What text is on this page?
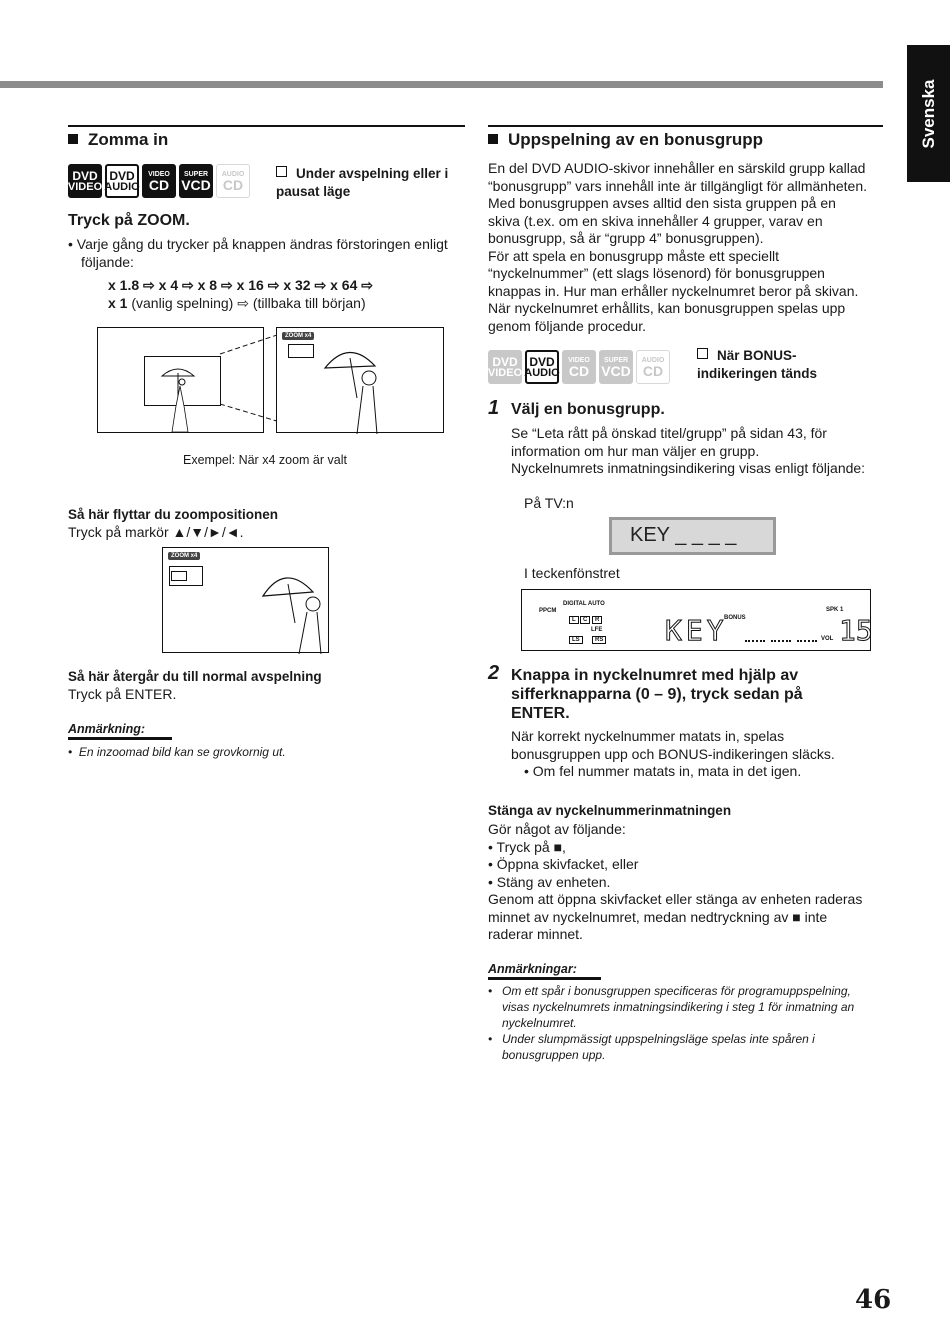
Svenska
Zomma in
DVD
VIDEO
DVD
AUDIO
VIDEO
CD
SUPER
VCD
AUDIO
CD
Under avspelning eller i pausat läge
Tryck på ZOOM.
• Varje gång du trycker på knappen ändras förstoringen enligt följande:
x 1.8 ⇨ x 4 ⇨ x 8 ⇨ x 16 ⇨ x 32 ⇨ x 64 ⇨
x 1 (vanlig spelning) ⇨ (tillbaka till början)
ZOOM x4
Exempel: När x4 zoom är valt
Så här flyttar du zoompositionen
Tryck på markör ▲/▼/►/◄.
ZOOM x4
Så här återgår du till normal avspelning
Tryck på ENTER.
Anmärkning:
•  En inzoomad bild kan se grovkornig ut.
Uppspelning av en bonusgrupp
En del DVD AUDIO-skivor innehåller en särskild grupp kallad
“bonusgrupp” vars innehåll inte är tillgängligt för allmänheten.
Med bonusgruppen avses alltid den sista gruppen på en
skiva (t.ex. om en skiva innehåller 4 grupper, varav en
bonusgrupp, så är “grupp 4” bonusgruppen).
För att spela en bonusgrupp måste ett speciellt
“nyckelnummer” (ett slags lösenord) för bonusgruppen
knappas in. Hur man erhåller nyckelnumret beror på skivan.
När nyckelnumret erhållits, kan bonusgruppen spelas upp
genom följande procedur.
DVD
VIDEO
DVD
AUDIO
VIDEO
CD
SUPER
VCD
AUDIO
CD
När BONUS-indikeringen tänds
1 Välj en bonusgrupp.
Se “Leta rått på önskad titel/grupp” på sidan 43, för
information om hur man väljer en grupp.
Nyckelnumrets inmatningsindikering visas enligt följande:
På TV:n
KEY _ _ _ _
I teckenfönstret
PPCM
DIGITAL AUTO
L	C	R
LFE
LS	RS
BONUS
SPK 1
KEY	VOL 15
2 Knappa in nyckelnumret med hjälp av
sifferknapparna (0 – 9), tryck sedan på
ENTER.
När korrekt nyckelnummer matats in, spelas
bonusgruppen upp och BONUS-indikeringen släcks.
• Om fel nummer matats in, mata in det igen.
Stänga av nyckelnummerinmatningen
Gör något av följande:
• Tryck på ■,
• Öppna skivfacket, eller
• Stäng av enheten.
Genom att öppna skivfacket eller stänga av enheten raderas
minnet av nyckelnumret, medan nedtryckning av ■ inte
raderar minnet.
Anmärkningar:
• Om ett spår i bonusgruppen specificeras för programuppspelning,
visas nyckelnumrets inmatningsindikering i steg 1 för inmatning an
nyckelnumret.
• Under slumpmässigt uppspelningsläge spelas inte spåren i
bonusgruppen upp.
46
